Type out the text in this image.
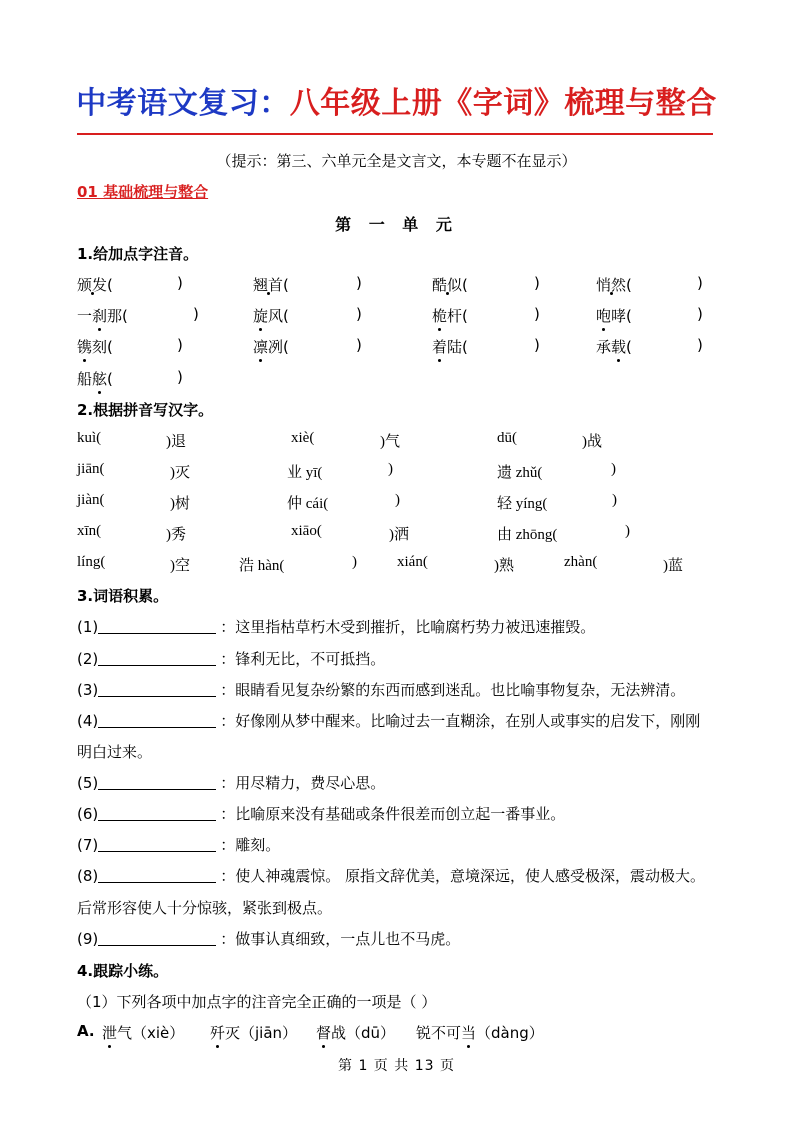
中考语文复习：八年级上册《字词》梳理与整合
（提示：第三、六单元全是文言文，本专题不在显示）
01 基础梳理与整合
第 一 单 元
1.给加点字注音。
颁发(	)	翘首(	)	酷似(	)	悄然(	)
一刹那(	)	旋风(	)	桅杆(	)	咆哮(	)
镌刻(	)	凛冽(	)	着陆(	)	承载(	)
船舷(	)
2.根据拼音写汉字。
kuì(	)退	xiè(	)气	dū(	)战
jiān(	)灭	业 yī(	)	遗 zhǔ(	)
jiàn(	)树	仲 cái(	)	轻 yíng(	)
xīn(	)秀	xiāo(	)洒	由 zhōng(	)
líng(	)空	浩 hàn(	)	xián(	)熟	zhàn(	)蓝
3.词语积累。
(1)	：这里指枯草朽木受到摧折，比喻腐朽势力被迅速摧毁。
(2)	：锋利无比，不可抵挡。
(3)	：眼睛看见复杂纷繁的东西而感到迷乱。也比喻事物复杂，无法辨清。
(4)	：好像刚从梦中醒来。比喻过去一直糊涂，在别人或事实的启发下，刚刚
明白过来。
(5)	：用尽精力，费尽心思。
(6)	：比喻原来没有基础或条件很差而创立起一番事业。
(7)	：雕刻。
(8)	：使人神魂震惊。 原指文辞优美，意境深远，使人感受极深，震动极大。
后常形容使人十分惊骇，紧张到极点。
(9)	：做事认真细致，一点儿也不马虎。
4.跟踪小练。
（1）下列各项中加点字的注音完全正确的一项是（ ）
A. 泄气（xiè） 歼灭（jiān） 督战（dū） 锐不可当（dàng）
第 1 页 共 13 页
